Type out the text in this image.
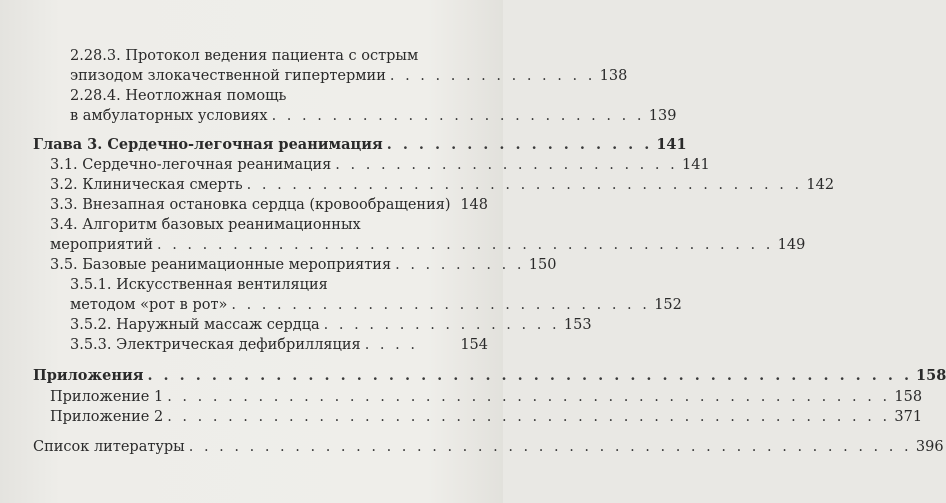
2.28.3. Протокол ведения пациента с острым
эпизодом злокачественной гипертермии . . . . . . . . . . . . . . 138
2.28.4. Неотложная помощь
в амбулаторных условиях . . . . . . . . . . . . . . . . . . . . . . . . . 139
Глава 3. Сердечно-легочная реанимация . . . . . . . . . . . . . . . . . 141
3.1. Сердечно-легочная реанимация . . . . . . . . . . . . . . . . . . . . . . . 141
3.2. Клиническая смерть . . . . . . . . . . . . . . . . . . . . . . . . . . . . . . . . . . . . . 142
3.3. Внезапная остановка сердца (кровообращения) 148
3.4. Алгоритм базовых реанимационных
мероприятий . . . . . . . . . . . . . . . . . . . . . . . . . . . . . . . . . . . . . . . . . 149
3.5. Базовые реанимационные мероприятия . . . . . . . . . 150
3.5.1. Искусственная вентиляция
методом «рот в рот» . . . . . . . . . . . . . . . . . . . . . . . . . . . . 152
3.5.2. Наружный массаж сердца . . . . . . . . . . . . . . . . 153
3.5.3. Электрическая дефибрилляция . . . .	154
Приложения . . . . . . . . . . . . . . . . . . . . . . . . . . . . . . . . . . . . . . . . . . . . . . . . 158
Приложение 1 . . . . . . . . . . . . . . . . . . . . . . . . . . . . . . . . . . . . . . . . . . . . . . . . 158
Приложение 2 . . . . . . . . . . . . . . . . . . . . . . . . . . . . . . . . . . . . . . . . . . . . . . . . 371
Список литературы . . . . . . . . . . . . . . . . . . . . . . . . . . . . . . . . . . . . . . . . . . . . . . . . 396
